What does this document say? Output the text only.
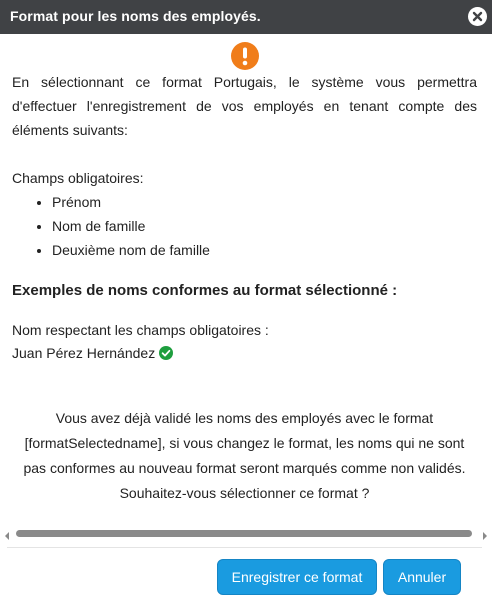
Format pour les noms des employés.

En sélectionnant ce format Portugais, le système vous permettra d'effectuer l'enregistrement de vos employés en tenant compte des éléments suivants:

Champs obligatoires:

• Prénom
• Nom de famille
• Deuxième nom de famille

Exemples de noms conformes au format sélectionné :

Nom respectant les champs obligatoires :

Juan Pérez Hernández

Vous avez déjà validé les noms des employés avec le format [formatSelectedname], si vous changez le format, les noms qui ne sont pas conformes au nouveau format seront marqués comme non validés. Souhaitez-vous sélectionner ce format ?

Enregistrer ce format	Annuler
